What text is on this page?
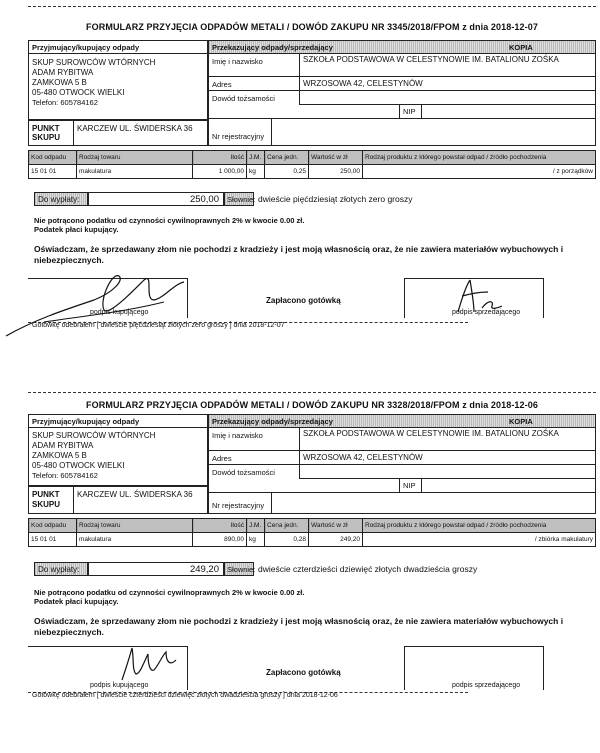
FORMULARZ PRZYJĘCIA ODPADÓW METALI / DOWÓD ZAKUPU NR 3345/2018/FPOM z dnia 2018-12-07
Przyjmujący/kupujący odpady
SKUP SUROWCÓW WTÓRNYCH
ADAM RYBITWA
ZAMKOWA 5 B
05-480 OTWOCK WIELKI
Telefon: 605784162
PUNKT SKUPU
KARCZEW UL. ŚWIDERSKA 36
Przekazujący odpady/sprzedający	KOPIA
Imię i nazwisko	SZKOŁA PODSTAWOWA W CELESTYNOWIE IM. BATALIONU ZOŚKA
Adres	WRZOSOWA 42, CELESTYNÓW
Dowód tożsamości
NIP
Nr rejestracyjny
Kod odpadu	Rodzaj towaru	Ilość	J.M.	Cena jedn.	Wartość w zł	Rodzaj produktu z którego powstał odpad / źródło pochodzenia
15 01 01	makulatura	1 000,00	kg	0,25	250,00	/ z porządków
Do wypłaty:	250,00 Słownie: dwieście pięćdziesiąt złotych zero groszy
Nie potrącono podatku od czynności cywilnoprawnych 2% w kwocie 0.00 zł.
Podatek płaci kupujący.
Oświadczam, że sprzedawany złom nie pochodzi z kradzieży i jest moją własnością oraz, że nie zawiera materiałów wybuchowych i niebezpiecznych.
podpis kupującego
Zapłacono gotówką
podpis sprzedającego
Gotówkę odebrałem [ dwieście pięćdziesiąt złotych zero groszy ] dnia 2018-12-07
FORMULARZ PRZYJĘCIA ODPADÓW METALI / DOWÓD ZAKUPU NR 3328/2018/FPOM z dnia 2018-12-06
Przyjmujący/kupujący odpady
SKUP SUROWCÓW WTÓRNYCH
ADAM RYBITWA
ZAMKOWA 5 B
05-480 OTWOCK WIELKI
Telefon: 605784162
PUNKT SKUPU
KARCZEW UL. ŚWIDERSKA 36
Przekazujący odpady/sprzedający	KOPIA
Imię i nazwisko	SZKOŁA PODSTAWOWA W CELESTYNOWIE IM. BATALIONU ZOŚKA
Adres	WRZOSOWA 42, CELESTYNÓW
Dowód tożsamości
NIP
Nr rejestracyjny
Kod odpadu	Rodzaj towaru	Ilość	J.M.	Cena jedn.	Wartość w zł	Rodzaj produktu z którego powstał odpad / źródło pochodzenia
15 01 01	makulatura	890,00	kg	0,28	249,20	/ zbiórka makulatury
Do wypłaty:	249,20 Słownie: dwieście czterdzieści dziewięć złotych dwadzieścia groszy
Nie potrącono podatku od czynności cywilnoprawnych 2% w kwocie 0.00 zł.
Podatek płaci kupujący.
Oświadczam, że sprzedawany złom nie pochodzi z kradzieży i jest moją własnością oraz, że nie zawiera materiałów wybuchowych i niebezpiecznych.
podpis kupującego
Zapłacono gotówką
podpis sprzedającego
Gotówkę odebrałem [ dwieście czterdzieści dziewięć złotych dwadzieścia groszy ] dnia 2018-12-06
